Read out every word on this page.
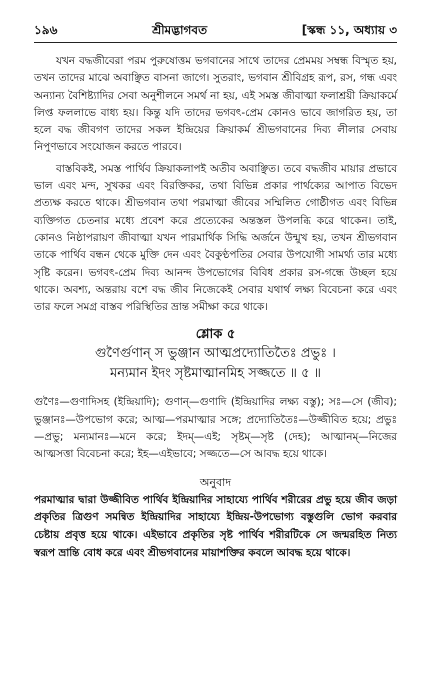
১৯৬	শ্রীমদ্ভাগবত	[স্কন্ধ ১১, অধ্যায় ৩

যখন বদ্ধজীবেরা পরম পুরুষোত্তম ভগবানের সাথে তাদের প্রেমময় সম্বন্ধ বিস্মৃত হয়, তখন তাদের মাঝে অবাঞ্ছিত বাসনা জাগে। সুতরাং, ভগবান শ্রীবিগ্রহ রূপ, রস, গন্ধ এবং অন্যান্য বৈশিষ্ট্যাদির সেবা অনুশীলনে সমর্থ না হয়, এই সমস্ত জীবাত্মা ফলাশ্রয়ী ক্রিয়াকর্মে লিপ্ত ফললাভে বাধ্য হয়। কিন্তু যদি তাদের ভগবৎ-প্রেম কোনও ভাবে জাগরিত হয়, তা হলে বদ্ধ জীবগণ তাদের সকল ইন্দ্রিয়ের ক্রিয়াকর্ম শ্রীভগবানের দিব্য লীলার সেবায় নিপুণভাবে সংযোজন করতে পারবে।

বাস্তবিকই, সমস্ত পার্থিব ক্রিয়াকলাপই অতীব অবাঞ্ছিত। তবে বদ্ধজীব মায়ার প্রভাবে ভাল এবং মন্দ, সুখকর এবং বিরক্তিকর, তথা বিভিন্ন প্রকার পার্থক্যের আপাত বিভেদ প্রত্যক্ষ করতে থাকে। শ্রীভগবান তথা পরমাত্মা জীবের সম্মিলিত গোষ্ঠীগত এবং বিভিন্ন ব্যক্তিগত চেতনার মধ্যে প্রবেশ করে প্রত্যেকের অন্তস্তল উপলব্ধি করে থাকেন। তাই, কোনও নিষ্ঠাপরায়ণ জীবাত্মা যখন পারমার্থিক সিদ্ধি অর্জনে উন্মুখ হয়, তখন শ্রীভগবান তাকে পার্থিব বন্ধন থেকে মুক্তি দেন এবং বৈকুণ্ঠপতির সেবার উপযোগী সামর্থ্য তার মধ্যে সৃষ্টি করেন। ভগবৎ-প্রেম দিব্য আনন্দ উপভোগের বিবিধ প্রকার রস-গন্ধে উচ্ছল হয়ে থাকে। অবশ্য, অন্তরায় বশে বদ্ধ জীব নিজেকেই সেবার যথার্থ লক্ষ্য বিবেচনা করে এবং তার ফলে সমগ্র বাস্তব পরিস্থিতির ভ্রান্ত সমীক্ষা করে থাকে।

শ্লোক ৫
গুণৈর্গুণান্‌ স ভুঞ্জান আত্মপ্রদ্যোতিতৈঃ প্রভুঃ ।
মন্যমান ইদং সৃষ্টমাত্মানমিহ সজ্জতে ॥ ৫ ॥
গুণৈঃ—গুণাদিসহ (ইন্দ্রিয়াদি); গুণান্‌—গুণাদি (ইন্দ্রিয়াদির লক্ষ্য বস্তু); সঃ—সে (জীব); ভুঞ্জানঃ—উপভোগ করে; আত্ম—পরমাত্মার সঙ্গে; প্রদ্যোতিতৈঃ—উজ্জীবিত হয়ে; প্রভুঃ—প্রভু; মন্যমানঃ—মনে করে; ইদম্‌—এই; সৃষ্টম্‌—সৃষ্ট (দেহ); আত্মানম্‌—নিজের আত্মসত্তা বিবেচনা করে; ইহ—এইভাবে; সজ্জতে—সে আবদ্ধ হয়ে থাকে।
অনুবাদ
পরমাত্মার দ্বারা উজ্জীবিত পার্থিব ইন্দ্রিয়াদির সাহায্যে পার্থিব শরীরের প্রভু হয়ে জীব জড়া প্রকৃতির ত্রিগুণ সমন্বিত ইন্দ্রিয়াদির সাহায্যে ইন্দ্রিয়-উপভোগ্য বস্তুগুলি ভোগ করবার চেষ্টায় প্রবৃত্ত হয়ে থাকে। এইভাবে প্রকৃতির সৃষ্ট পার্থিব শরীরটিকে সে জন্মরহিত নিত্য স্বরূপ ভ্রান্তি বোধ করে এবং শ্রীভগবানের মায়াশক্তির কবলে আবদ্ধ হয়ে থাকে।
